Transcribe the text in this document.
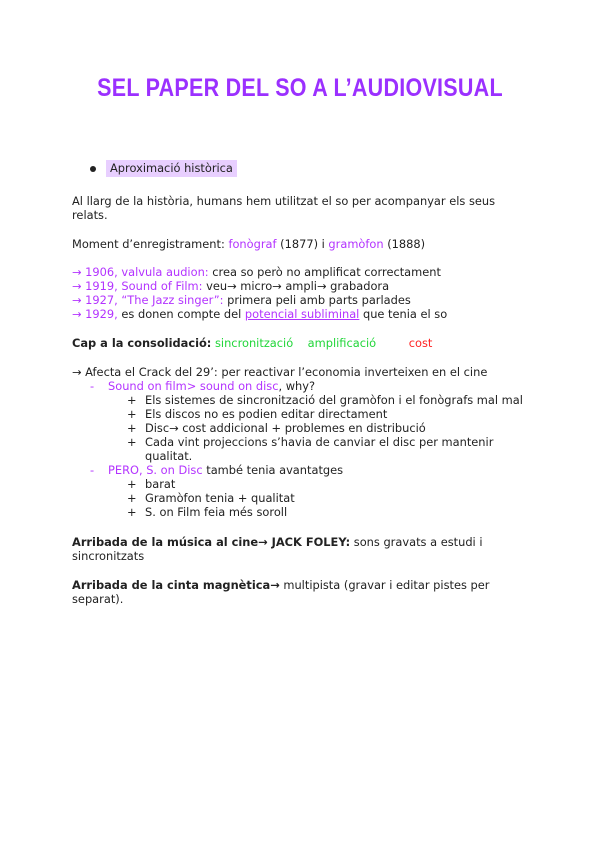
SEL PAPER DEL SO A L’AUDIOVISUAL
Aproximació històrica
Al llarg de la història, humans hem utilitzat el so per acompanyar els seus
relats.
Moment d’enregistrament: fonògraf (1877) i gramòfon (1888)
→ 1906, valvula audion: crea so però no amplificat correctament
→ 1919, Sound of Film: veu→ micro→ ampli→ grabadora
→ 1927, “The Jazz singer”: primera peli amb parts parlades
→ 1929, es donen compte del potencial subliminal que tenia el so
Cap a la consolidació: sincronització amplificació	cost
→ Afecta el Crack del 29’: per reactivar l’economia inverteixen en el cine
- Sound on film> sound on disc, why?
+ Els sistemes de sincronització del gramòfon i el fonògrafs mal mal
+ Els discos no es podien editar directament
+ Disc→ cost addicional + problemes en distribució
+ Cada vint projeccions s’havia de canviar el disc per mantenir
qualitat.
- PERO, S. on Disc també tenia avantatges
+ barat
+ Gramòfon tenia + qualitat
+ S. on Film feia més soroll
Arribada de la música al cine→ JACK FOLEY: sons gravats a estudi i
sincronitzats
Arribada de la cinta magnètica→ multipista (gravar i editar pistes per
separat).
